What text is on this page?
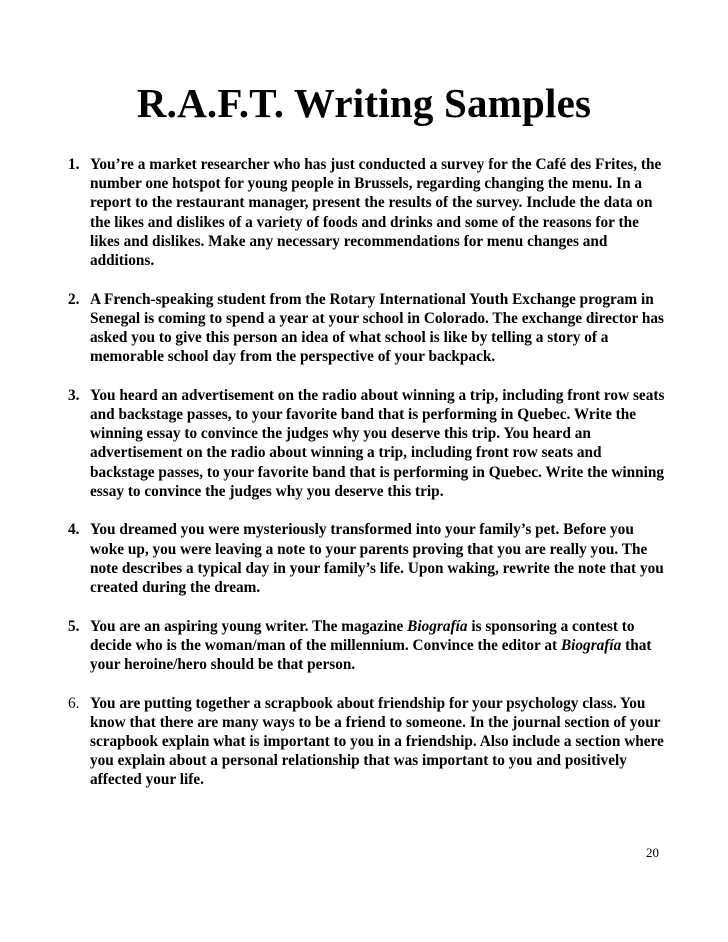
R.A.F.T. Writing Samples
1. You’re a market researcher who has just conducted a survey for the Café des Frites, the number one hotspot for young people in Brussels, regarding changing the menu. In a report to the restaurant manager, present the results of the survey. Include the data on the likes and dislikes of a variety of foods and drinks and some of the reasons for the likes and dislikes. Make any necessary recommendations for menu changes and additions.
2. A French-speaking student from the Rotary International Youth Exchange program in Senegal is coming to spend a year at your school in Colorado. The exchange director has asked you to give this person an idea of what school is like by telling a story of a memorable school day from the perspective of your backpack.
3. You heard an advertisement on the radio about winning a trip, including front row seats and backstage passes, to your favorite band that is performing in Quebec. Write the winning essay to convince the judges why you deserve this trip. You heard an advertisement on the radio about winning a trip, including front row seats and backstage passes, to your favorite band that is performing in Quebec. Write the winning essay to convince the judges why you deserve this trip.
4. You dreamed you were mysteriously transformed into your family’s pet. Before you woke up, you were leaving a note to your parents proving that you are really you. The note describes a typical day in your family’s life. Upon waking, rewrite the note that you created during the dream.
5. You are an aspiring young writer. The magazine Biografía is sponsoring a contest to decide who is the woman/man of the millennium. Convince the editor at Biografía that your heroine/hero should be that person.
6. You are putting together a scrapbook about friendship for your psychology class. You know that there are many ways to be a friend to someone. In the journal section of your scrapbook explain what is important to you in a friendship. Also include a section where you explain about a personal relationship that was important to you and positively affected your life.
20
